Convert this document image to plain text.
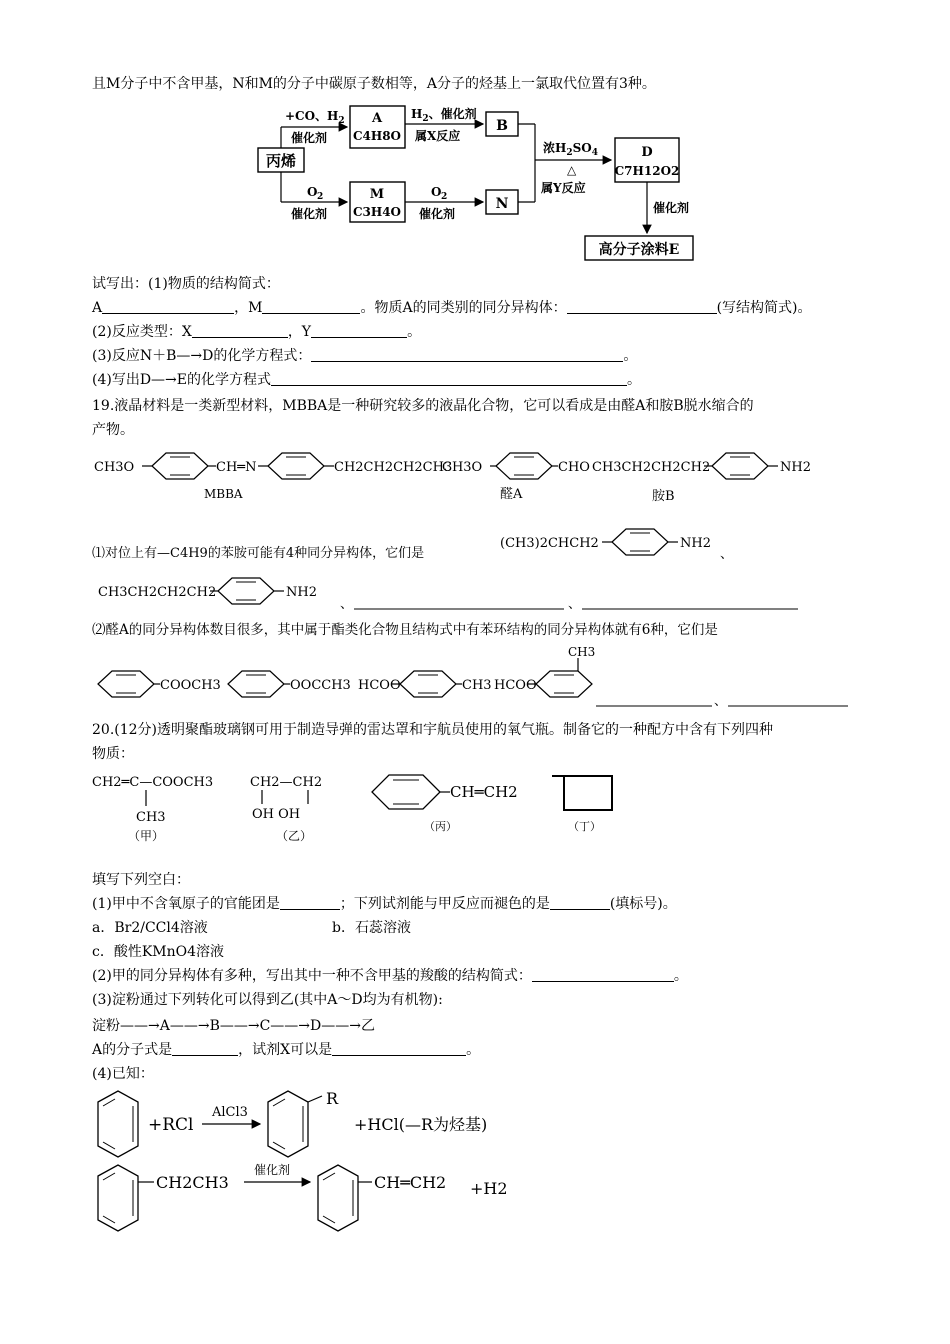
且M分子中不含甲基，N和M的分子中碳原子数相等，A分子的烃基上一氯取代位置有3种。
丙烯
+CO、$H_2$
催化剂
O 2
催化剂
A
C4H8O
M
C3H4O
$H_2$、催化剂
属X反应
O 2
催化剂
B
N
浓$H_2SO_4$
△
属Y反应
D
C7H12O2
催化剂
高分子涂料E
试写出：(1)物质的结构简式：
A	，M	。物质A的同类别的同分异构体：	(写结构简式)。
(2)反应类型：X	，Y	。
(3)反应N＋B—→D的化学方程式：	。
(4)写出D—→E的化学方程式	。
19.液晶材料是一类新型材料，MBBA是一种研究较多的液晶化合物，它可以看成是由醛A和胺B脱水缩合的
产物。
CH3O	CH═N	CH2CH2CH2CH3
MBBA
CH3O	CHO
醛A
CH3CH2CH2CH2	NH2
胺B
⑴对位上有—C4H9的苯胺可能有4种同分异构体，它们是
(CH3)2CHCH2	NH2
、
CH3CH2CH2CH2	NH2
、	、
⑵醛A的同分异构体数目很多，其中属于酯类化合物且结构式中有苯环结构的同分异构体就有6种，它们是
COOCH3	OOCCH3 HCOO	CH3 HCOO
CH3
、
20.(12分)透明聚酯玻璃钢可用于制造导弹的雷达罩和宇航员使用的氧气瓶。制备它的一种配方中含有下列四种
物质：
CH2═C—COOCH3
CH3
（甲）
CH2—CH2
OH OH
（乙）
CH═CH2
（丙）	（丁）
填写下列空白：
(1)甲中不含氧原子的官能团是	；下列试剂能与甲反应而褪色的是	(填标号)。
a．Br2/CCl4溶液	b．石蕊溶液
c．酸性KMnO4溶液
(2)甲的同分异构体有多种，写出其中一种不含甲基的羧酸的结构简式：	。
(3)淀粉通过下列转化可以得到乙(其中A～D均为有机物):
淀粉——→A——→B——→C——→D——→乙
A的分子式是	，试剂X可以是	。
(4)已知：
+RCl
AlCl3
R
+HCl(—R为烃基)
CH2CH3
催化剂
CH═CH2 +H2
